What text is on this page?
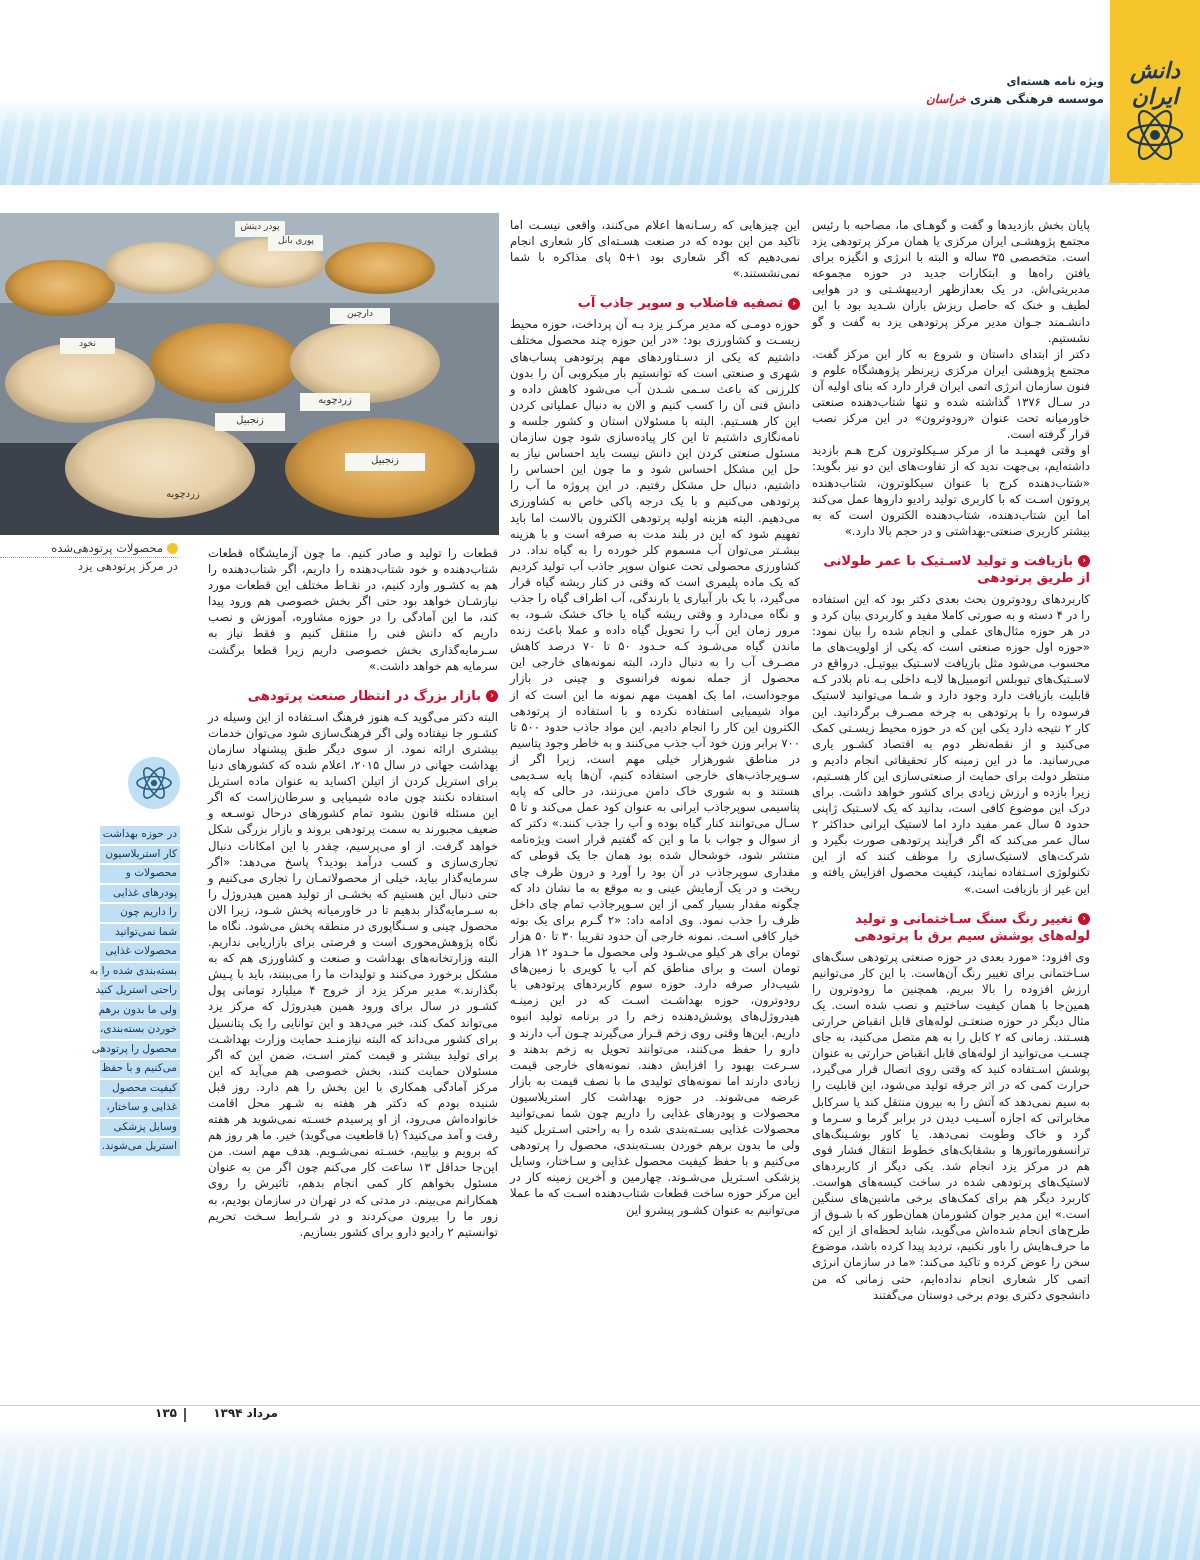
دانش ایران
ویژه نامه هسته‌ای
موسسه فرهنگی هنری خراسان

پایان بخش بازدیدها و گفت و گوهـای ما، مصاحبه با رئیس مجتمع پژوهشـی ایران مرکزی یا همان مرکز پرتودهی یزد است. متخصصی ۳۵ ساله و البته با انرژی و انگیزه برای یافتن راه‌ها و ابتکارات جدید در حوزه مجموعه مدیریتی‌اش. در یک بعدازظهر اردیبهشـتی و در هوایی لطیف و خنک که حاصل ریزش باران شـدید بود با این دانشـمند جـوان مدیر مرکز پرتودهی یزد به گفت و گو نشستیم.

دکتر از ابتدای داستان و شروع به کار این مرکز گفت. مجتمع پژوهشی ایران مرکزی زیرنظر پژوهشگاه علوم و فنون سازمان انرژی اتمی ایران قرار دارد که بنای اولیه آن در سـال ۱۳۷۶ گذاشته شده و تنها شتاب‌دهنده صنعتی خاورمیانه تحت عنوان «رودوترون» در این مرکز نصب قرار گرفته است.

او وقتی فهمیـد ما از مرکز سـیکلوترون کرج هـم بازدید داشته‌ایم، بی‌جهت ندید که از تفاوت‌های این دو نیز بگوید: «شتاب‌دهنده کرج با عنوان سیکلوترون، شتاب‌دهنده پروتون اسـت که با کاربری تولید رادیو داروها عمل می‌کند اما این شتاب‌دهنده، شتاب‌دهنده الکترون است که به بیشتر کاربری صنعتی-بهداشتی و در حجم بالا دارد.»

‹بازیافت و تولید لاسـتیک با عمر طولانی از طریق پرتودهی

کاربردهای رودوترون بحث بعدی دکتر بود که این استفاده را در ۴ دسته و به صورتی کاملا مفید و کاربردی بیان کرد و در هر حوزه مثال‌های عملی و انجام شده را بیان نمود: «حوزه اول حوزه صنعتی است که یکی از اولویت‌های ما محسوب می‌شود مثل بازیافت لاسـتیک بیوتیـل. درواقع در لاسـتیک‌های تیوبلس اتومبیل‌ها لایـه داخلی بـه نام بلادر کـه قابلیت بازیافت دارد وجود دارد و شـما می‌توانید لاستیک فرسوده را با پرتودهی به چرخه مصـرف برگردانید. این کار ۲ نتیجه دارد یکی این که در حوزه محیط زیسـتی کمک می‌کنید و از نقطه‌نظر دوم به اقتصاد کشـور یاری می‌رسانید. ما در این زمینه کار تحقیقاتی انجام دادیم و منتظر دولت برای حمایت از صنعتی‌سازی این کار هسـتیم، زیرا بازده و ارزش زیادی برای کشور خواهد داشت. برای درک این موضوع کافی است، بدانید که یک لاسـتیک ژاپنی حدود ۵ سال عمر مفید دارد اما لاستیک ایرانی حداکثر ۲ سال عمر می‌کند که اگر فرآیند پرتودهی صورت بگیرد و شرکت‌های لاستیک‌سازی را موظف کنند که از این تکنولوژی اسـتفاده نمایند، کیفیت محصول افزایش یافته و این غیر از بازیافت است.»

‹تغییر رنگ سنگ سـاختمانی و تولید لوله‌های پوشش سیم برق با پرتودهی

وی افزود: «مورد بعدی در حوزه صنعتی پرتودهی سنگ‌های سـاختمانی برای تغییر رنگ آن‌هاست. با این کار می‌توانیم ارزش افزوده را بالا ببریم. همچنین ما رودوترون را همین‌جا با همان کیفیت ساختیم و نصب شده است. یک مثال دیگر در حوزه صنعتـی لوله‌های قابل انقباض حرارتی هسـتند. زمانی که ۲ کابل را به هم متصل می‌کنید، به جای چسـب می‌توانید از لوله‌های قابل انقباض حرارتی به عنوان پوشش اسـتفاده کنید که وقتی روی اتصال قرار می‌گیرد، حرارت کمی که در اثر جرقه تولید می‌شود، این قابلیت را به سیم نمی‌دهد که آتش را به بیرون منتقل کند یا سرکابل مخابراتی که اجازه آسـیب دیدن در برابر گرما و سـرما و گرد و خاک وطوبت نمی‌دهد. یا کاور بوشـینگ‌های ترانسفورماتورها و بشقابک‌های خطوط انتقال فشار قوی هم در مرکز یزد انجام شد. یکی دیگر از کاربردهای لاستیک‌های پرتودهی شده در ساخت کیسه‌های هواست. کاربرد دیگر هم برای کمک‌های برخی ماشین‌های سنگین است.» این مدیر جوان کشورمان همان‌طور که با شـوق از طرح‌های انجام شده‌اش می‌گوید، شاید لحظه‌ای از این که ما حرف‌هایش را باور نکنیم، تردید پیدا کرده باشد، موضوع سخن را عوض کرده و تاکید می‌کند: «ما در سازمان انرژی اتمی کار شعاری انجام نداده‌ایم، حتی زمانی که من دانشجوی دکتری بودم برخی دوستان می‌گفتند

این چیزهایی که رسـانه‌ها اعلام می‌کنند، واقعی نیسـت اما تاکید من این بوده که در صنعت هسـته‌ای کار شعاری انجام نمی‌دهیم که اگر شعاری بود ۱+۵ پای مذاکره با شما نمی‌نشستند.»

‹تصفیه فاضلاب و سوپر جاذب آب

حوزه دومـی که مدیر مرکـز یزد بـه آن پرداخت، حوزه محیط زیسـت و کشاورزی بود: «در این حوزه چند محصول مختلف داشتیم که یکی از دسـتاوردهای مهم پرتودهی پساب‌های شهری و صنعتی است که توانستیم بار میکروبی آن را بدون کلرزنی که باعث سـمی شـدن آب می‌شود کاهش داده و دانش فنی آن را کسب کنیم و الان به دنبال عملیاتی کردن این کار هسـتیم. البته با مسئولان استان و کشور جلسه و نامه‌نگاری داشتیم تا این کار پیاده‌سازی شود چون سازمان مسئول صنعتی کردن این دانش نیست باید احساس نیاز به حل این مشکل احساس شود و ما چون این احساس را داشتیم، دنبال حل مشکل رفتیم. در این پروژه ما آب را پرتودهی می‌کنیم و با یک درجه پاکی خاص به کشاورزی می‌دهیم. البته هزینه اولیه پرتودهی الکترون بالاست اما باید تفهیم شود که این در بلند مدت به صرفه است و با هزینه بیشـتر می‌توان آب مسموم کلر خورده را به گیاه نداد. در کشاورزی محصولی تحت عنوان سوپر جاذب آب تولید کردیم که یک ماده پلیمری است که وقتی در کنار ریشه گیاه قرار می‌گیرد، با یک بار آبیاری یا بارندگی، آب اطراف گیاه را جذب و نگاه می‌دارد و وقتی ریشه گیاه یا خاک خشک شـود، به مرور زمان این آب را تحویل گیاه داده و عملا باعث زنده ماندن گیاه می‌شـود کـه حـدود ۵۰ تا ۷۰ درصد کاهش مصـرف آب را به دنبال دارد، البته نمونه‌های خارجی این محصول از جمله نمونه فرانسوی و چینی در بازار موجوداست، اما یک اهمیت مهم نمونه ما این است که از مواد شیمیایی استفاده نکرده و با استفاده از پرتودهی الکترون این کار را انجام دادیم. این مواد جاذب حدود ۵۰۰ تا ۷۰۰ برابر وزن خود آب جذب می‌کنند و به خاطر وجود پتاسیم در مناطق شورهزار خیلی مهم است، زیرا اگر از سـوپرجاذب‌های خارجی استفاده کنیم، آن‌ها پایه سـدیمی هستند و به شوری خاک دامن می‌زنند، در حالی که پایه پتاسیمی سوپرجاذب ایرانی به عنوان کود عمل می‌کند و تا ۵ سـال می‌توانند کنار گیاه بوده و آب را جذب کنند.» دکتر که از سوال و جواب با ما و این که گفتیم قرار است ویژه‌نامه منتشر شود، خوشحال شده بود همان جا یک قوطی که مقداری سوپرجاذب در آن بود را آورد و درون ظرف چای ریخت و در یک آزمایش عینی و به موقع به ما نشان داد که چگونه مقدار بسیار کمی از این سـوپرجاذب تمام چای داخل ظرف را جذب نمود. وی ادامه داد: «۲ گـرم برای یک بوته خیار کافی اسـت. نمونه خارجی آن حدود تقریبا ۳۰ تا ۵۰ هزار تومان برای هر کیلو می‌شـود ولی محصول ما حـدود ۱۲ هزار تومان است و برای مناطق کم آب یا کویری با زمین‌های شیب‌دار صرفه دارد. حوزه سوم کاربردهای پرتودهی با رودوترون، حوزه بهداشـت اسـت که در این زمینـه هیدروژل‌های پوشش‌دهنده زخم را در برنامه تولید انبوه داریم. این‌ها وقتی روی زخم قـرار می‌گیرند چـون آب دارند و دارو را حفظ می‌کنند، می‌توانند تحویل به زخم بدهند و سـرعت بهبود را افزایش دهند. نمونه‌های خارجی قیمت زیادی دارند اما نمونه‌های تولیدی ما با نصف قیمت به بازار عرضه می‌شوند. در حوزه بهداشت کار استریلاسیون محصولات و پودرهای غذایی را داریم چون شما نمی‌توانید محصولات غذایی بسـته‌بندی شده را به راحتی اسـتریل کنید ولی ما بدون برهم خوردن بسـته‌بندی، محصول را پرتودهی می‌کنیم و با حفظ کیفیت محصول غذایی و سـاختار، وسایل پزشکی اسـتریل می‌شـوند. چهارمین و آخرین زمینه کار در این مرکز حوزه ساخت قطعات شتاب‌دهنده اسـت که ما عملا می‌توانیم به عنوان کشـور پیشرو این

پودر دیتش
پوری بانل
دارچین
زردچوبه
نخود
زنجبیل
زردچوبه
زنجبیل
محصولات پرتودهی‌شده
در مرکز پرتودهی یزد

قطعات را تولید و صادر کنیم. ما چون آزمایشگاه قطعات شتاب‌دهنده و خود شتاب‌دهنده را داریم، اگر شتاب‌دهنده را هم به کشـور وارد کنیم، در نقـاط مختلف این قطعات مورد نیازشـان خواهد بود حتی اگر بخش خصوصی هم ورود پیدا کند، ما این آمادگی را در حوزه مشاوره، آموزش و نصب داریم که دانش فنی را منتقل کنیم و فقط نیاز به سـرمایه‌گذاری بخش خصوصی داریم زیرا قطعا برگشت سرمایه هم خواهد داشت.»

‹بازار بزرگ در انتظار صنعت پرتودهی

البته دکتر می‌گوید کـه هنوز فرهنگ اسـتفاده از این وسیله در کشـور جا نیفتاده ولی اگر فرهنگ‌سازی شود می‌توان خدمات بیشتری ارائه نمود. از سوی دیگر طبق پیشنهاد سازمان بهداشت جهانی در سال ۲۰۱۵، اعلام شده که کشورهای دنیا برای استریل کردن از اتیلن اکساید به عنوان ماده استریل استفاده نکنند چون ماده شیمیایی و سرطان‌زاست که اگر این مسئله قانون بشود تمام کشورهای درحال توسـعه و ضعیف مجبورند به سمت پرتودهی بروند و بازار بزرگی شکل خواهد گرفت. از او می‌پرسیم، چقدر با این امکانات دنبال تجاری‌سازی و کسب درآمد بودید؟ پاسخ می‌دهد: «اگر سرمایه‌گذار بیاید، خیلی از محصولاتمـان را تجاری می‌کنیم و حتی دنبال این هستیم که بخشـی از تولید همین هیدروژل را به سـرمایه‌گذار بدهیم تا در خاورمیانه پخش شـود، زیرا الان محصول چینی و سـنگاپوری در منطقه پخش می‌شود. نگاه ما نگاه پژوهش‌محوری است و فرصتی برای بازاریابی نداریم. البته وزارتخانه‌های بهداشت و صنعت و کشاورزی هم که به مشکل برخورد می‌کنند و تولیدات ما را می‌بینند، باید با پـیش بگذارند.» مدیر مرکز یزد از خروج ۴ میلیارد تومانی پول کشـور در سال برای ورود همین هیدروژل که مرکز یزد می‌تواند کمک کند، خبر می‌دهد و این توانایی را یک پتانسیل برای کشور می‌داند که البته نیازمنـد حمایت وزارت بهداشـت برای تولید بیشتر و قیمت کمتر اسـت، ضمن این که اگر مسئولان حمایت کنند، بخش خصوصی هم می‌آید که این مرکز آمادگی همکاری با این بخش را هم دارد. روز قبل شنیده بودم که دکتر هر هفته به شـهر محل اقامت خانواده‌اش می‌رود، از او پرسیدم خسـته نمی‌شوید هر هفته رفت و آمد می‌کنید؟ (با قاطعیت می‌گوید) خیر. ما هر روز هم که برویم و بیاییم، خسـته نمی‌شـویم. هدف مهم است. من این‌جا حداقل ۱۳ ساعت کار می‌کنم چون اگر من به عنوان مسئول بخواهم کار کمی انجام بدهم، تاثیرش را روی همکارانم می‌بینم. در مدتی که در تهران در سازمان بودیم، به زور ما را بیرون می‌کردند و در شـرایط سـخت تحریم توانستیم ۲ رادیو دارو برای کشور بسازیم.

در حوزه بهداشت
کار استریلاسیون
محصولات و
پودرهای غذایی
را داریم چون
شما نمی‌توانید
محصولات غذایی
بسته‌بندی شده را به
راحتی استریل کنید
ولی ما بدون برهم
خوردن بسته‌بندی،
محصول را پرتودهی
می‌کنیم و با حفظ
کیفیت محصول
غذایی و ساختار،
وسایل پزشکی
استریل می‌شوند.
مرداد ۱۳۹۴
۱۳۵
